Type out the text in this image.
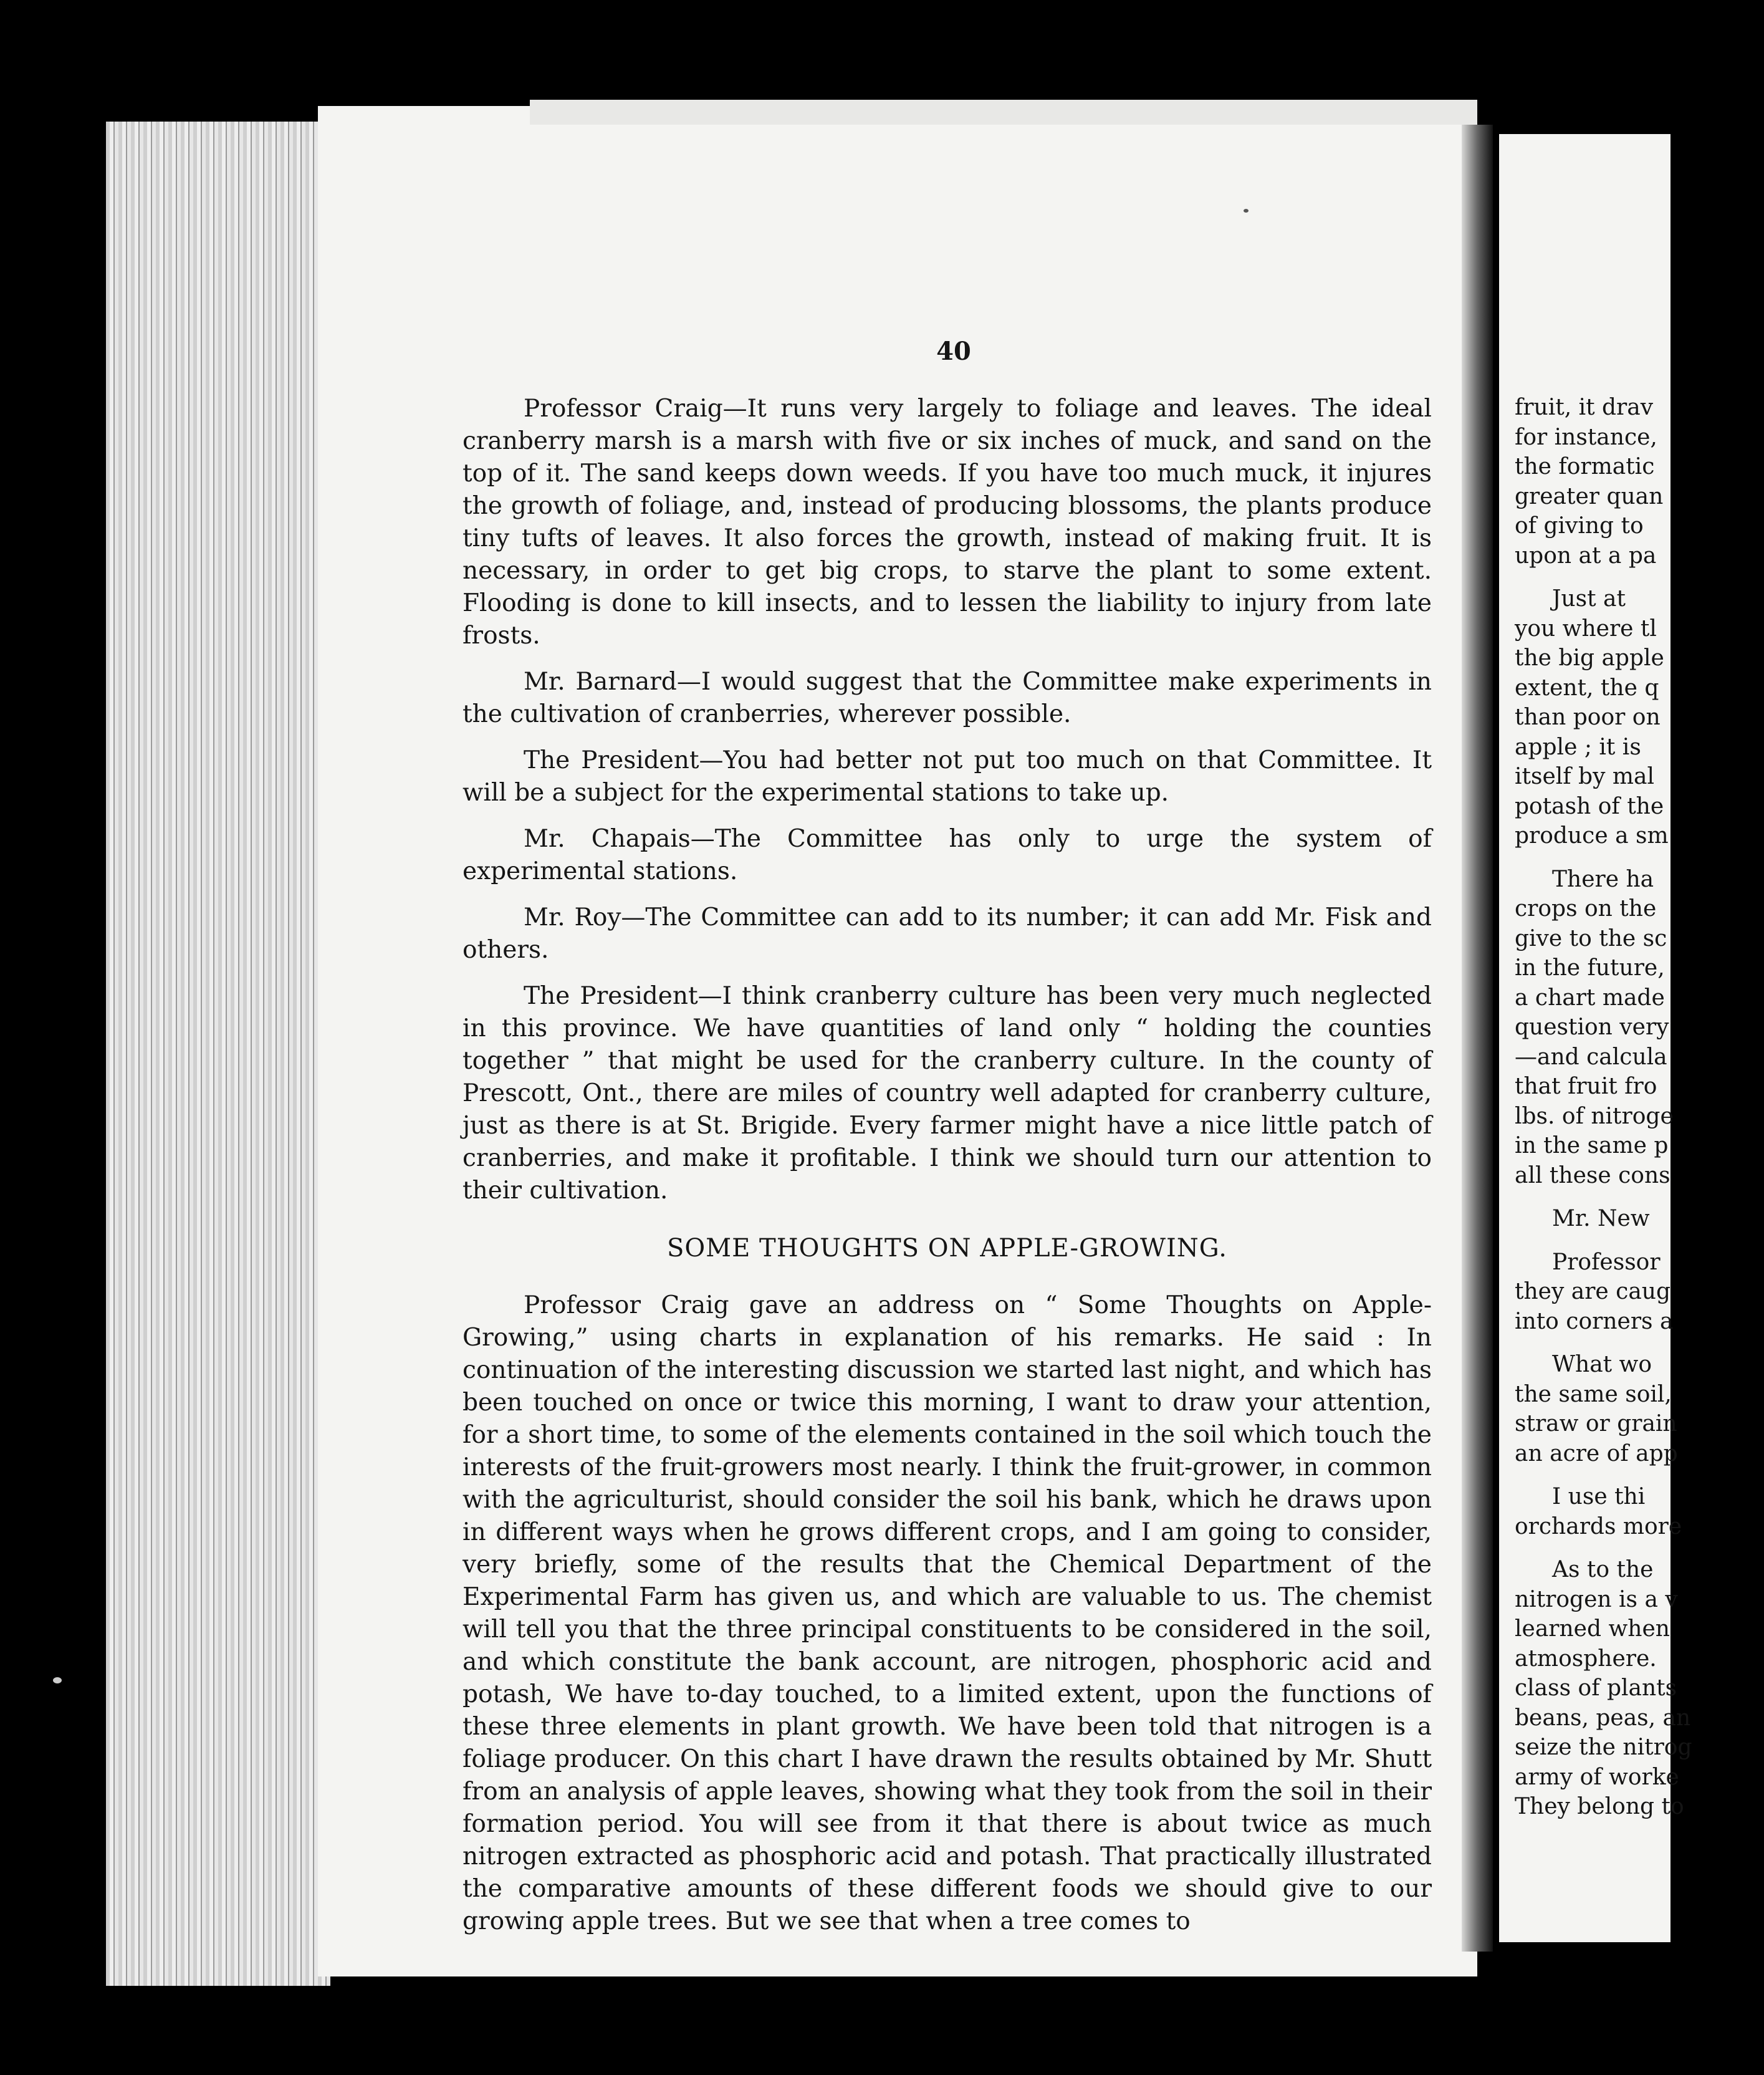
40

Professor Craig—It runs very largely to foliage and leaves. The ideal cranberry marsh is a marsh with five or six inches of muck, and sand on the top of it. The sand keeps down weeds. If you have too much muck, it injures the growth of foliage, and, instead of producing blossoms, the plants produce tiny tufts of leaves. It also forces the growth, instead of making fruit. It is necessary, in order to get big crops, to starve the plant to some extent. Flooding is done to kill insects, and to lessen the liability to injury from late frosts.

Mr. Barnard—I would suggest that the Committee make experiments in the cultivation of cranberries, wherever possible.

The President—You had better not put too much on that Committee. It will be a subject for the experimental stations to take up.

Mr. Chapais—The Committee has only to urge the system of experimental stations.

Mr. Roy—The Committee can add to its number; it can add Mr. Fisk and others.

The President—I think cranberry culture has been very much neglected in this province. We have quantities of land only “ holding the counties together ” that might be used for the cranberry culture. In the county of Prescott, Ont., there are miles of country well adapted for cranberry culture, just as there is at St. Brigide. Every farmer might have a nice little patch of cranberries, and make it profitable. I think we should turn our attention to their cultivation.

SOME THOUGHTS ON APPLE-GROWING.

Professor Craig gave an address on “ Some Thoughts on Apple-Growing,” using charts in explanation of his remarks. He said : In continuation of the interesting discussion we started last night, and which has been touched on once or twice this morning, I want to draw your attention, for a short time, to some of the elements contained in the soil which touch the interests of the fruit-growers most nearly. I think the fruit-grower, in common with the agriculturist, should consider the soil his bank, which he draws upon in different ways when he grows different crops, and I am going to consider, very briefly, some of the results that the Chemical Department of the Experimental Farm has given us, and which are valuable to us. The chemist will tell you that the three principal constituents to be considered in the soil, and which constitute the bank account, are nitrogen, phosphoric acid and potash, We have to-day touched, to a limited extent, upon the functions of these three elements in plant growth. We have been told that nitrogen is a foliage producer. On this chart I have drawn the results obtained by Mr. Shutt from an analysis of apple leaves, showing what they took from the soil in their formation period. You will see from it that there is about twice as much nitrogen extracted as phosphoric acid and potash. That practically illustrated the comparative amounts of these different foods we should give to our growing apple trees. But we see that when a tree comes to

fruit, it drav
for instance,
the formatic
greater quan
of giving to
upon at a pa
Just at
you where tl
the big apple
extent, the q
than poor on
apple ; it is
itself by mal
potash of the
produce a sm
There ha
crops on the
give to the sc
in the future,
a chart made
question very
—and calcula
that fruit fro
lbs. of nitroge
in the same p
all these cons
Mr. New
Professor
they are caug
into corners a
What wo
the same soil,
straw or grain
an acre of app
I use thi
orchards more
As to the
nitrogen is a v
learned when
atmosphere.
class of plants
beans, peas, an
seize the nitrog
army of worke
They belong to
